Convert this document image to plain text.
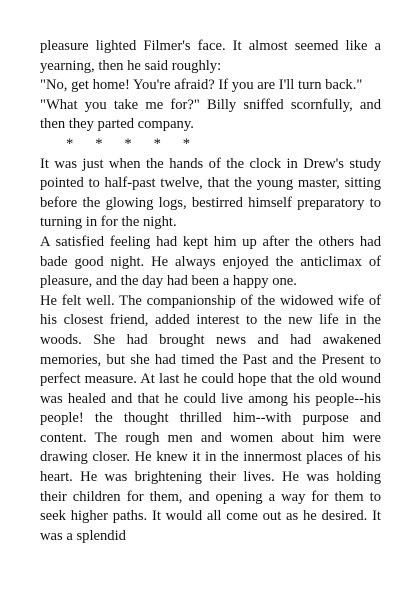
pleasure lighted Filmer's face. It almost seemed like a yearning, then he said roughly:

"No, get home! You're afraid? If you are I'll turn back."

"What you take me for?" Billy sniffed scornfully, and then they parted company.

*      *      *      *      *

It was just when the hands of the clock in Drew's study pointed to half-past twelve, that the young master, sitting before the glowing logs, bestirred himself preparatory to turning in for the night.

A satisfied feeling had kept him up after the others had bade good night. He always enjoyed the anticlimax of pleasure, and the day had been a happy one.

He felt well. The companionship of the widowed wife of his closest friend, added interest to the new life in the woods. She had brought news and had awakened memories, but she had timed the Past and the Present to perfect measure. At last he could hope that the old wound was healed and that he could live among his people--his people! the thought thrilled him--with purpose and content. The rough men and women about him were drawing closer. He knew it in the innermost places of his heart. He was brightening their lives. He was holding their children for them, and opening a way for them to seek higher paths. It would all come out as he desired. It was a splendid
